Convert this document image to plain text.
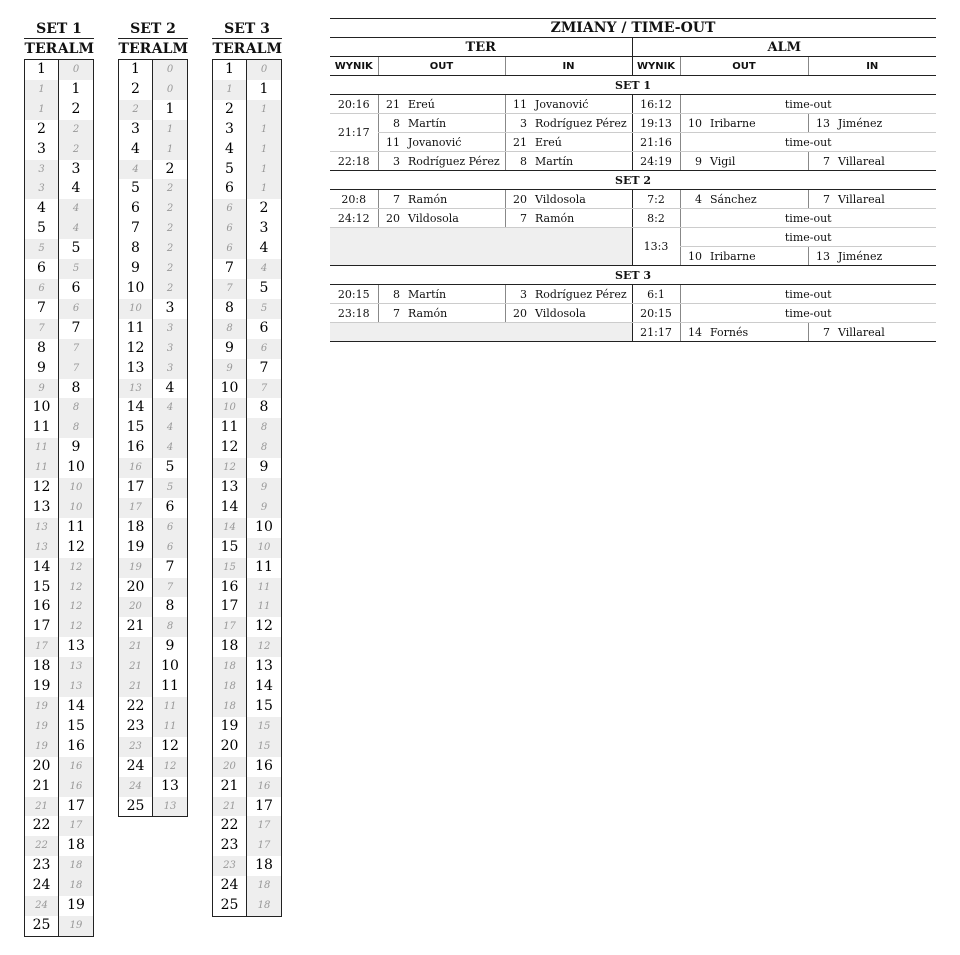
SET 1
TER ALM
1	0
1	1
1	2
2	2
3	2
3	3
3	4
4	4
5	4
5	5
6	5
6	6
7	6
7	7
8	7
9	7
9	8
10	8
11	8
11	9
11	10
12	10
13	10
13	11
13	12
14	12
15	12
16	12
17	12
17	13
18	13
19	13
19	14
19	15
19	16
20	16
21	16
21	17
22	17
22	18
23	18
24	18
24	19
25	19
SET 2
TER ALM
1	0
2	0
2	1
3	1
4	1
4	2
5	2
6	2
7	2
8	2
9	2
10	2
10	3
11	3
12	3
13	3
13	4
14	4
15	4
16	4
16	5
17	5
17	6
18	6
19	6
19	7
20	7
20	8
21	8
21	9
21	10
21	11
22	11
23	11
23	12
24	12
24	13
25	13
SET 3
TER ALM
1	0
1	1
2	1
3	1
4	1
5	1
6	1
6	2
6	3
6	4
7	4
7	5
8	5
8	6
9	6
9	7
10	7
10	8
11	8
12	8
12	9
13	9
14	9
14	10
15	10
15	11
16	11
17	11
17	12
18	12
18	13
18	14
18	15
19	15
20	15
20	16
21	16
21	17
22	17
23	17
23	18
24	18
25	18
ZMIANY / TIME-OUT									
TER					ALM				
WYNIK	OUT		IN		WYNIK	OUT		IN	
SET 1									
20:16	21	Ereú	11	Jovanović	16:12	time-out			
21:17	8	Martín	3	Rodríguez Pérez	19:13	10	Iribarne	13	Jiménez
	11	Jovanović	21	Ereú	21:16	time-out			
22:18	3	Rodríguez Pérez	8	Martín	24:19	9	Vigil	7	Villareal
SET 2									
20:8	7	Ramón	20	Vildosola	7:2	4	Sánchez	7	Villareal
24:12	20	Vildosola	7	Ramón	8:2	time-out			
					13:3	time-out			
						10	Iribarne	13	Jiménez
SET 3									
20:15	8	Martín	3	Rodríguez Pérez	6:1	time-out			
23:18	7	Ramón	20	Vildosola	20:15	time-out			
					21:17	14	Fornés	7	Villareal
